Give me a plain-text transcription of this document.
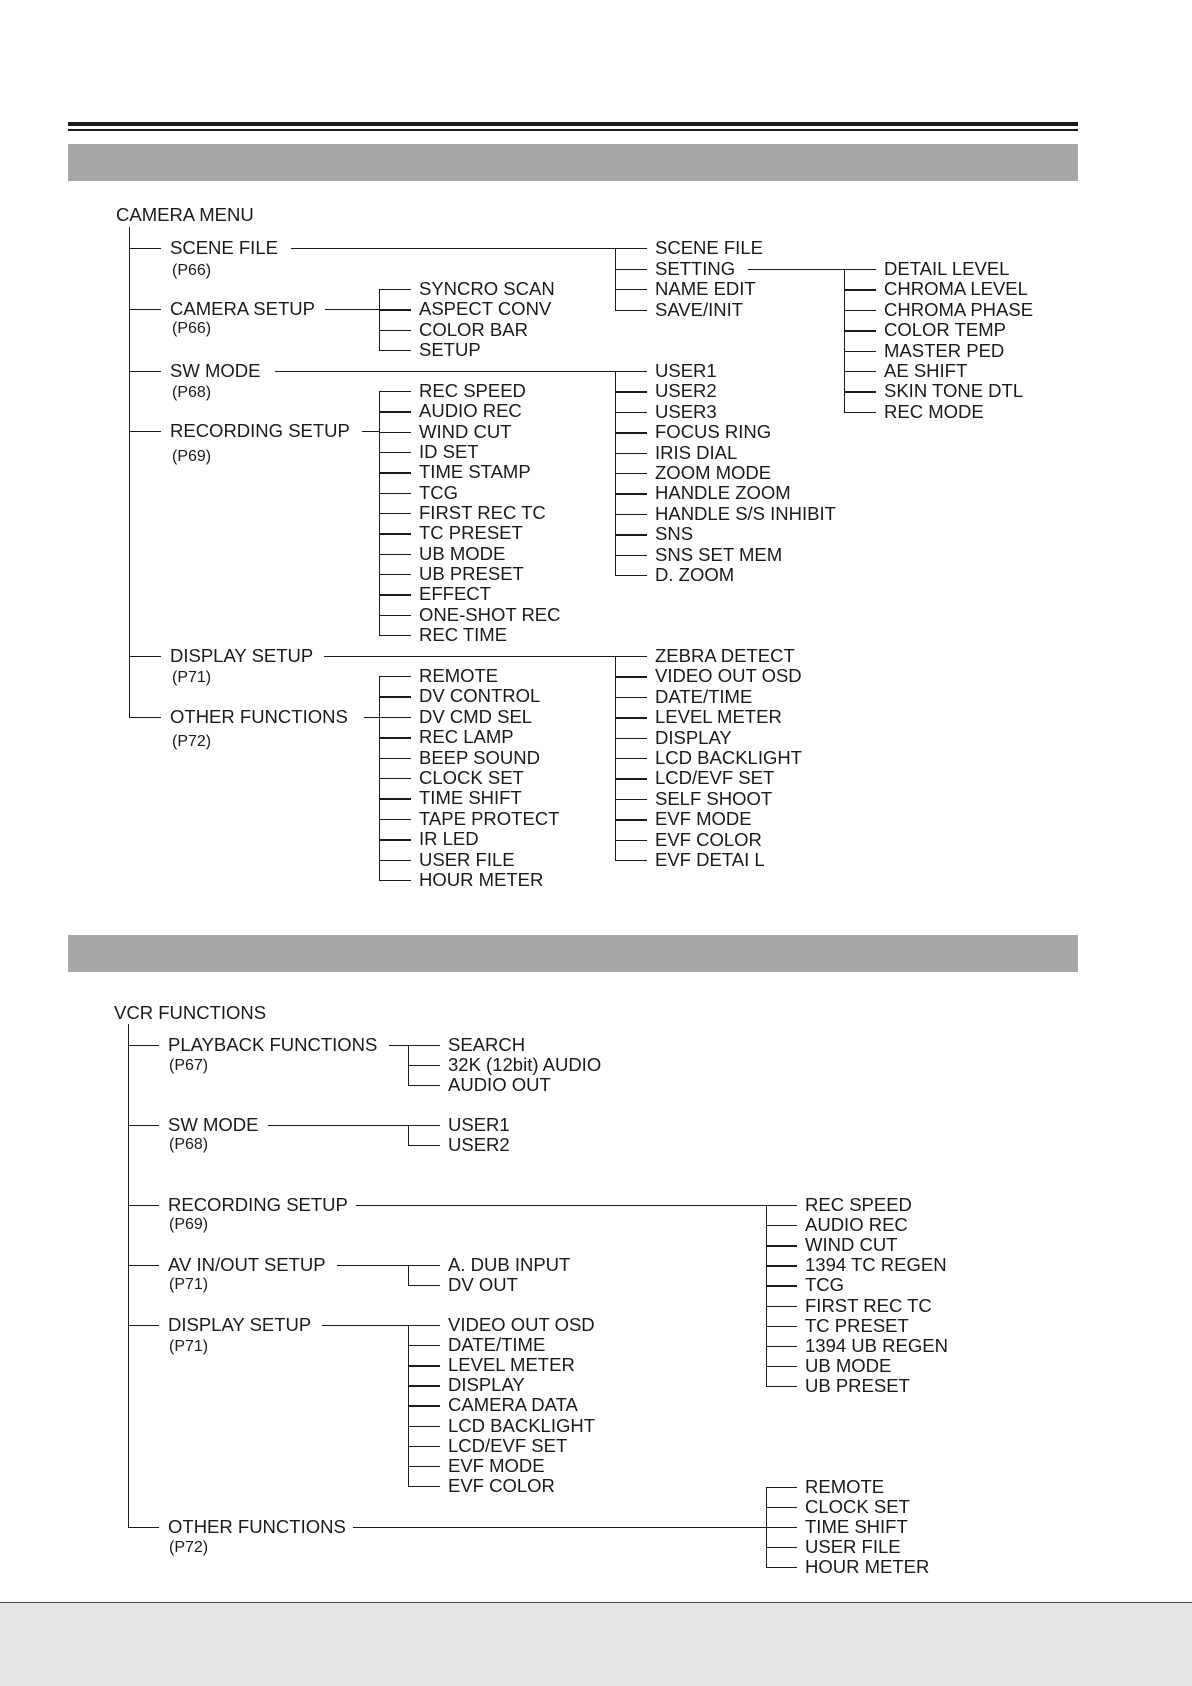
CAMERA MENU
SCENE FILE
(P66)
CAMERA SETUP
(P66)
SW MODE
(P68)
RECORDING SETUP
(P69)
DISPLAY SETUP
(P71)
OTHER FUNCTIONS
(P72)
SYNCRO SCAN
ASPECT CONV
COLOR BAR
SETUP
REC SPEED
AUDIO REC
WIND CUT
ID SET
TIME STAMP
TCG
FIRST REC TC
TC PRESET
UB MODE
UB PRESET
EFFECT
ONE-SHOT REC
REC TIME
REMOTE
DV CONTROL
DV CMD SEL
REC LAMP
BEEP SOUND
CLOCK SET
TIME SHIFT
TAPE PROTECT
IR LED
USER FILE
HOUR METER
SCENE FILE
SETTING
NAME EDIT
SAVE/INIT
USER1
USER2
USER3
FOCUS RING
IRIS DIAL
ZOOM MODE
HANDLE ZOOM
HANDLE S/S INHIBIT
SNS
SNS SET MEM
D. ZOOM
ZEBRA DETECT
VIDEO OUT OSD
DATE/TIME
LEVEL METER
DISPLAY
LCD BACKLIGHT
LCD/EVF SET
SELF SHOOT
EVF MODE
EVF COLOR
EVF DETAI L
DETAIL LEVEL
CHROMA LEVEL
CHROMA PHASE
COLOR TEMP
MASTER PED
AE SHIFT
SKIN TONE DTL
REC MODE
VCR FUNCTIONS
PLAYBACK FUNCTIONS
(P67)
SW MODE
(P68)
RECORDING SETUP
(P69)
AV IN/OUT SETUP
(P71)
DISPLAY SETUP
(P71)
OTHER FUNCTIONS
(P72)
SEARCH
32K (12bit) AUDIO
AUDIO OUT
USER1
USER2
A. DUB INPUT
DV OUT
VIDEO OUT OSD
DATE/TIME
LEVEL METER
DISPLAY
CAMERA DATA
LCD BACKLIGHT
LCD/EVF SET
EVF MODE
EVF COLOR
REC SPEED
AUDIO REC
WIND CUT
1394 TC REGEN
TCG
FIRST REC TC
TC PRESET
1394 UB REGEN
UB MODE
UB PRESET
REMOTE
CLOCK SET
TIME SHIFT
USER FILE
HOUR METER
